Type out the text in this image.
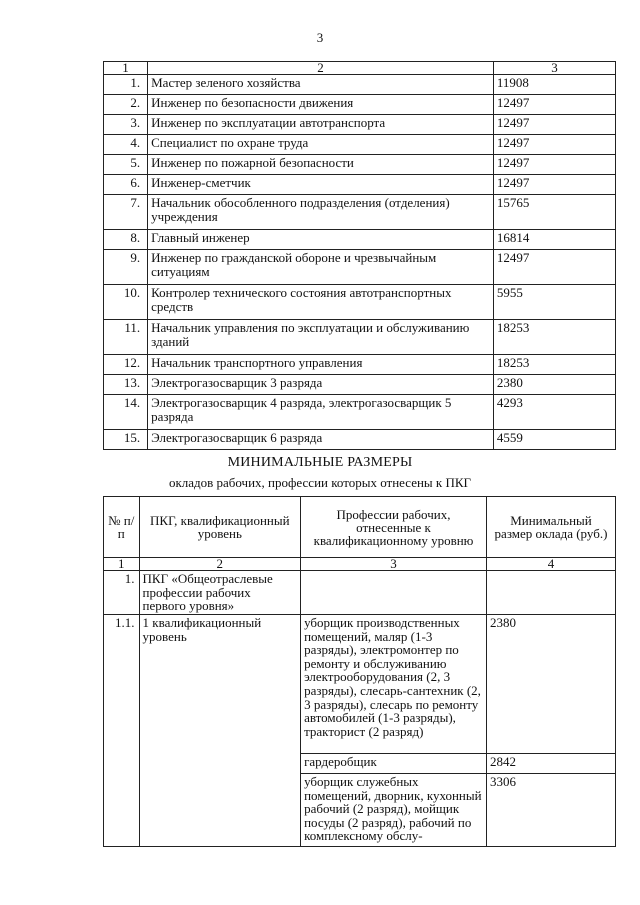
3
1	2	3
1.	Мастер зеленого хозяйства	11908
2.	Инженер по безопасности движения	12497
3.	Инженер по эксплуатации автотранспорта	12497
4.	Специалист по охране труда	12497
5.	Инженер по пожарной безопасности	12497
6.	Инженер-сметчик	12497
7.	Начальник обособленного подразделения (отделения) учреждения	15765
8.	Главный инженер	16814
9.	Инженер по гражданской обороне и чрезвычайным ситуациям	12497
10.	Контролер технического состояния автотранспортных средств	5955
11.	Начальник управления по эксплуатации и обслуживанию зданий	18253
12.	Начальник транспортного управления	18253
13.	Электрогазосварщик 3 разряда	2380
14.	Электрогазосварщик 4 разряда, электрогазосварщик 5 разряда	4293
15.	Электрогазосварщик 6 разряда	4559
МИНИМАЛЬНЫЕ РАЗМЕРЫ
окладов рабочих, профессии которых отнесены к ПКГ
№ п/п	ПКГ, квалификационный уровень	Профессии рабочих, отнесенные к квалификационному уровню	Минимальный размер оклада (руб.)
1	2	3	4
1.	ПКГ «Общеотраслевые профессии рабочих первого уровня»		
1.1.	1 квалификационный уровень	уборщик производственных помещений, маляр (1-3 разряды), электромонтер по ремонту и обслуживанию электрооборудования (2, 3 разряды), слесарь-сантехник (2, 3 разряды), слесарь по ремонту автомобилей (1-3 разряды), тракторист (2 разряд)	2380
		гардеробщик	2842
		уборщик служебных помещений, дворник, кухонный рабочий (2 разряд), мойщик посуды (2 разряд), рабочий по комплексному обслу-	3306
